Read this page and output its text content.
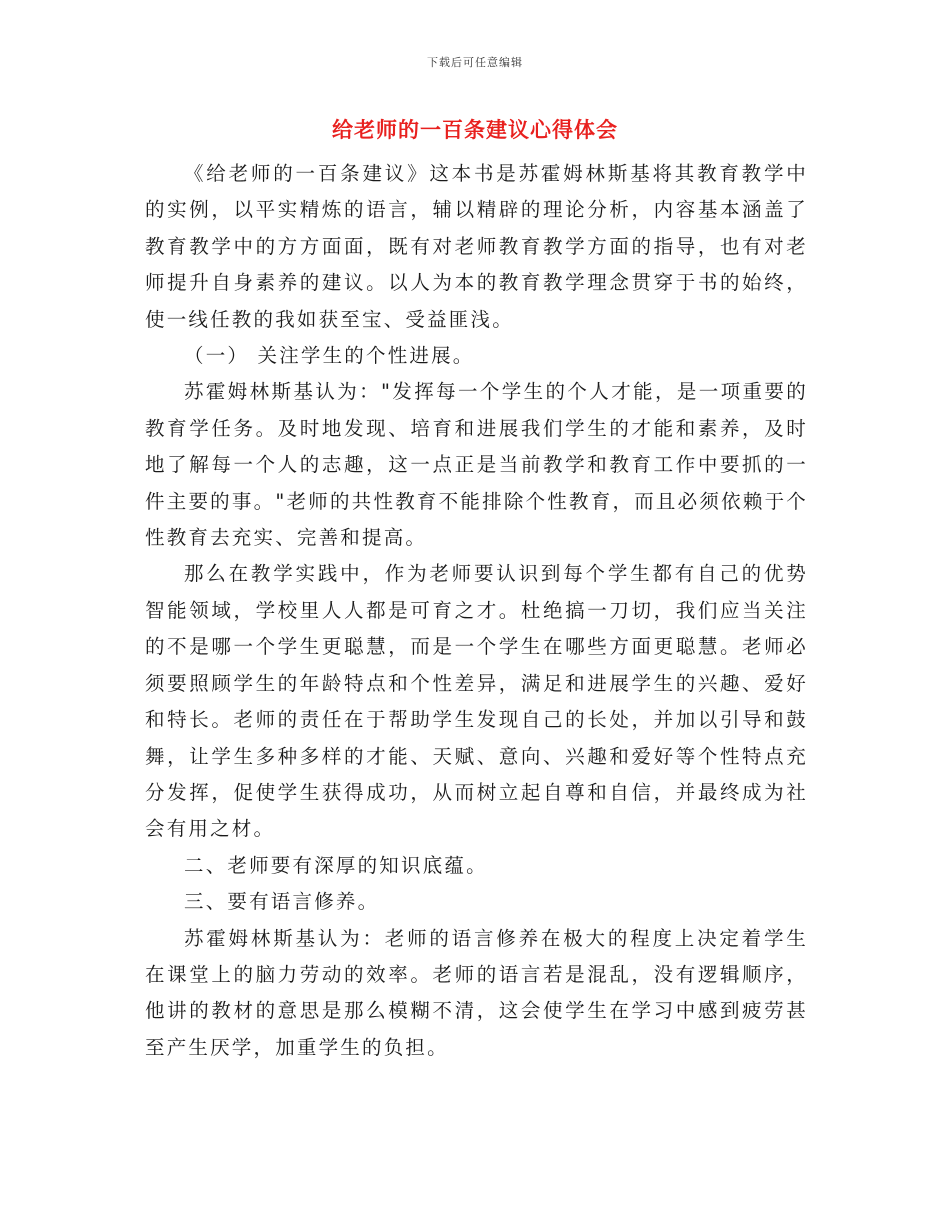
下载后可任意编辑
给老师的一百条建议心得体会

《给老师的一百条建议》这本书是苏霍姆林斯基将其教育教学中的实例，以平实精炼的语言，辅以精辟的理论分析，内容基本涵盖了教育教学中的方方面面，既有对老师教育教学方面的指导，也有对老师提升自身素养的建议。以人为本的教育教学理念贯穿于书的始终，使一线任教的我如获至宝、受益匪浅。

（一） 关注学生的个性进展。

苏霍姆林斯基认为："发挥每一个学生的个人才能，是一项重要的教育学任务。及时地发现、培育和进展我们学生的才能和素养，及时地了解每一个人的志趣，这一点正是当前教学和教育工作中要抓的一件主要的事。"老师的共性教育不能排除个性教育，而且必须依赖于个性教育去充实、完善和提高。

那么在教学实践中，作为老师要认识到每个学生都有自己的优势智能领域，学校里人人都是可育之才。杜绝搞一刀切，我们应当关注的不是哪一个学生更聪慧，而是一个学生在哪些方面更聪慧。老师必须要照顾学生的年龄特点和个性差异，满足和进展学生的兴趣、爱好和特长。老师的责任在于帮助学生发现自己的长处，并加以引导和鼓舞，让学生多种多样的才能、天赋、意向、兴趣和爱好等个性特点充分发挥，促使学生获得成功，从而树立起自尊和自信，并最终成为社会有用之材。

二、老师要有深厚的知识底蕴。

三、要有语言修养。

苏霍姆林斯基认为：老师的语言修养在极大的程度上决定着学生在课堂上的脑力劳动的效率。老师的语言若是混乱，没有逻辑顺序，他讲的教材的意思是那么模糊不清，这会使学生在学习中感到疲劳甚至产生厌学，加重学生的负担。
